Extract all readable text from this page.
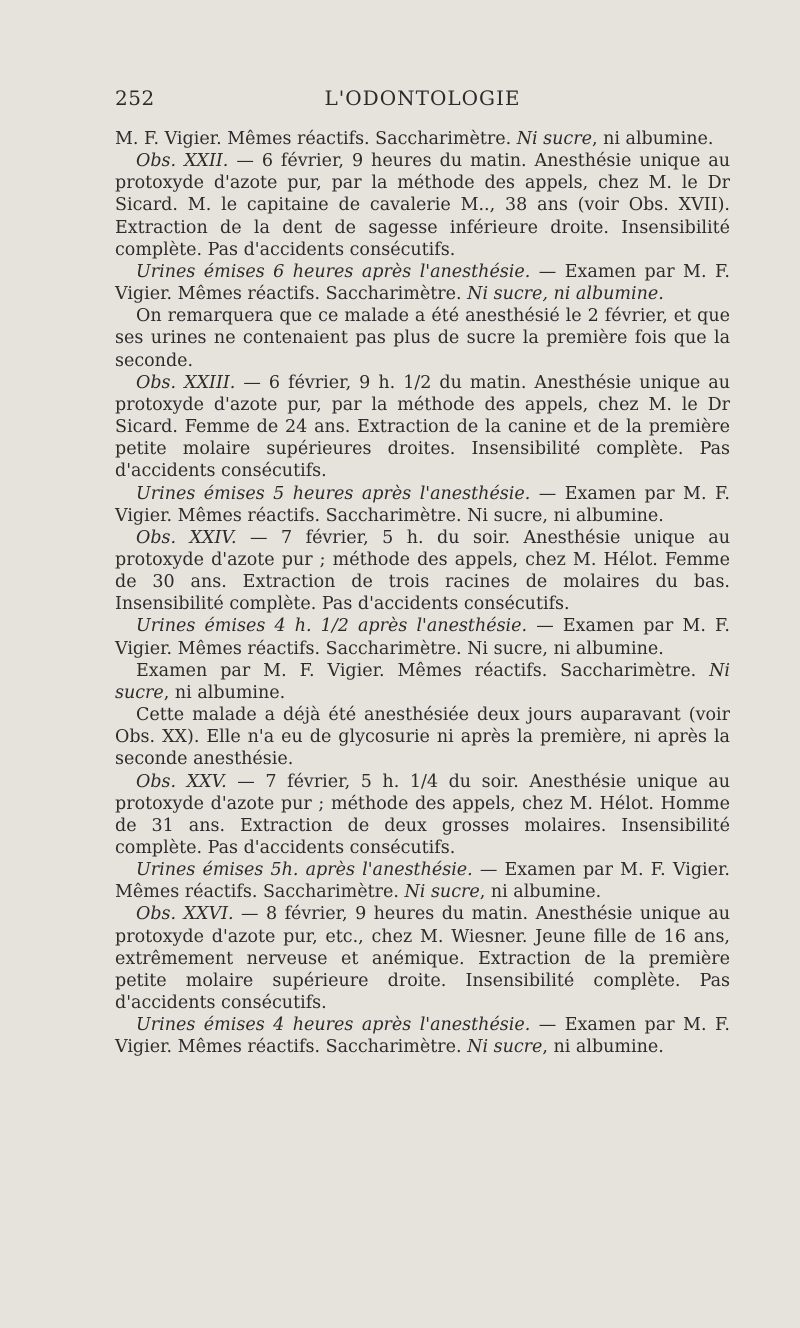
252	L'ODONTOLOGIE

M. F. Vigier. Mêmes réactifs. Saccharimètre. Ni sucre, ni albumine.

Obs. XXII. — 6 février, 9 heures du matin. Anesthésie unique au protoxyde d'azote pur, par la méthode des appels, chez M. le Dr Sicard. M. le capitaine de cavalerie M.., 38 ans (voir Obs. XVII). Extraction de la dent de sagesse inférieure droite. Insensibilité complète. Pas d'accidents consécutifs.

Urines émises 6 heures après l'anesthésie. — Examen par M. F. Vigier. Mêmes réactifs. Saccharimètre. Ni sucre, ni albumine.

On remarquera que ce malade a été anesthésié le 2 février, et que ses urines ne contenaient pas plus de sucre la première fois que la seconde.

Obs. XXIII. — 6 février, 9 h. 1/2 du matin. Anesthésie unique au protoxyde d'azote pur, par la méthode des appels, chez M. le Dr Sicard. Femme de 24 ans. Extraction de la canine et de la première petite molaire supérieures droites. Insensibilité complète. Pas d'accidents consécutifs.

Urines émises 5 heures après l'anesthésie. — Examen par M. F. Vigier. Mêmes réactifs. Saccharimètre. Ni sucre, ni albumine.

Obs. XXIV. — 7 février, 5 h. du soir. Anesthésie unique au protoxyde d'azote pur ; méthode des appels, chez M. Hélot. Femme de 30 ans. Extraction de trois racines de molaires du bas. Insensibilité complète. Pas d'accidents consécutifs.

Urines émises 4 h. 1/2 après l'anesthésie. — Examen par M. F. Vigier. Mêmes réactifs. Saccharimètre. Ni sucre, ni albumine.

Examen par M. F. Vigier. Mêmes réactifs. Saccharimètre. Ni sucre, ni albumine.

Cette malade a déjà été anesthésiée deux jours auparavant (voir Obs. XX). Elle n'a eu de glycosurie ni après la première, ni après la seconde anesthésie.

Obs. XXV. — 7 février, 5 h. 1/4 du soir. Anesthésie unique au protoxyde d'azote pur ; méthode des appels, chez M. Hélot. Homme de 31 ans. Extraction de deux grosses molaires. Insensibilité complète. Pas d'accidents consécutifs.

Urines émises 5h. après l'anesthésie. — Examen par M. F. Vigier. Mêmes réactifs. Saccharimètre. Ni sucre, ni albumine.

Obs. XXVI. — 8 février, 9 heures du matin. Anesthésie unique au protoxyde d'azote pur, etc., chez M. Wiesner. Jeune fille de 16 ans, extrêmement nerveuse et anémique. Extraction de la première petite molaire supérieure droite. Insensibilité complète. Pas d'accidents consécutifs.

Urines émises 4 heures après l'anesthésie. — Examen par M. F. Vigier. Mêmes réactifs. Saccharimètre. Ni sucre, ni albumine.
